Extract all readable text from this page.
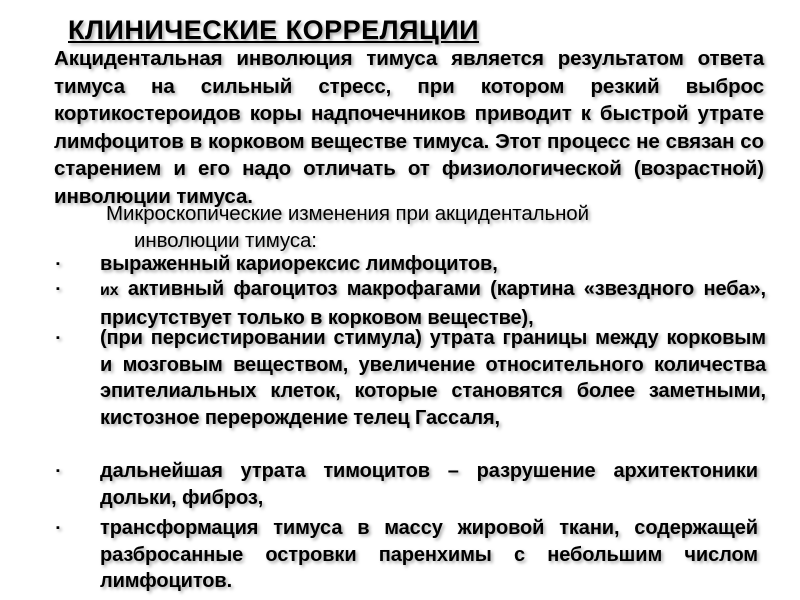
КЛИНИЧЕСКИЕ КОРРЕЛЯЦИИ
Акцидентальная инволюция тимуса является результатом ответа тимуса на сильный стресс, при котором резкий выброс кортикостероидов коры надпочечников приводит к быстрой утрате лимфоцитов в корковом веществе тимуса. Этот процесс не связан со старением и его надо отличать от физиологической (возрастной) инволюции тимуса.
Микроскопические изменения при акцидентальной
инволюции тимуса:
▪ выраженный кариорексис лимфоцитов,
▪	их активный фагоцитоз макрофагами (картина «звездного неба», присутствует только в корковом веществе),
▪ (при персистировании стимула) утрата границы между корковым и мозговым веществом, увеличение относительного количества эпителиальных клеток, которые становятся более заметными, кистозное перерождение телец Гассаля,
▪ дальнейшая утрата тимоцитов – разрушение архитектоники дольки, фиброз,
▪ трансформация тимуса в массу жировой ткани, содержащей разбросанные островки паренхимы с небольшим числом лимфоцитов.
